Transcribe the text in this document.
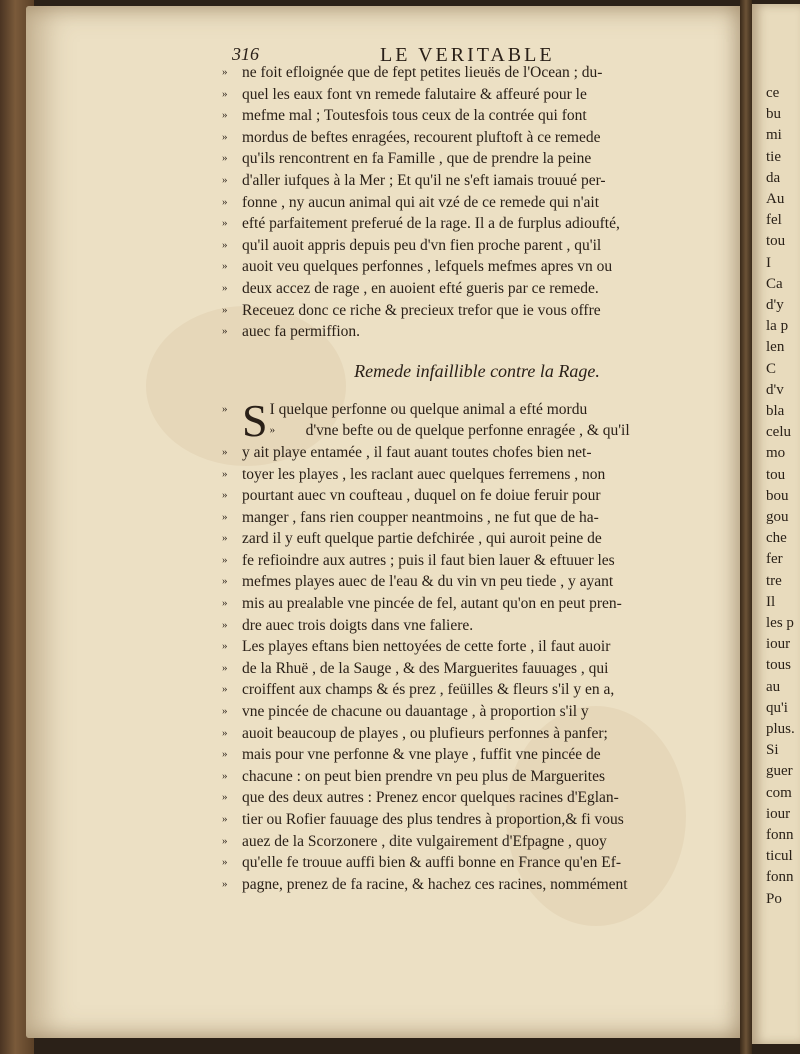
ce
bu
mi
tie
da
Au
fel
tou
I
Ca
d'y
la p
len
C
d'v
bla
celu
mo
tou
bou
gou
che
fer
tre
Il
les p
iour
tous
au
qu'i
plus.
Si
guer
com
iour
fonn
ticul
fonn
Po
316	LE VERITABLE
» ne foit efloignée que de fept petites lieuës de l'Ocean ; du-
» quel les eaux font vn remede falutaire & affeuré pour le
» mefme mal ; Toutesfois tous ceux de la contrée qui font
» mordus de beftes enragées, recourent pluftoft à ce remede
» qu'ils rencontrent en fa Famille , que de prendre la peine
» d'aller iufques à la Mer ; Et qu'il ne s'eft iamais trouué per-
» fonne , ny aucun animal qui ait vzé de ce remede qui n'ait
» efté parfaitement preferué de la rage. Il a de furplus adioufté,
» qu'il auoit appris depuis peu d'vn fien proche parent , qu'il
» auoit veu quelques perfonnes , lefquels mefmes apres vn ou
» deux accez de rage , en auoient efté gueris par ce remede.
» Receuez donc ce riche & precieux trefor que ie vous offre
» auec fa permiffion.
Remede infaillible contre la Rage.
» S I quelque perfonne ou quelque animal a efté mordu
» d'vne befte ou de quelque perfonne enragée , & qu'il
» y ait playe entamée , il faut auant toutes chofes bien net-
» toyer les playes , les raclant auec quelques ferremens , non
» pourtant auec vn coufteau , duquel on fe doiue feruir pour
» manger , fans rien coupper neantmoins , ne fut que de ha-
» zard il y euft quelque partie defchirée , qui auroit peine de
» fe refioindre aux autres ; puis il faut bien lauer & eftuuer les
» mefmes playes auec de l'eau & du vin vn peu tiede , y ayant
» mis au prealable vne pincée de fel, autant qu'on en peut pren-
» dre auec trois doigts dans vne faliere.
» Les playes eftans bien nettoyées de cette forte , il faut auoir
» de la Rhuë , de la Sauge , & des Marguerites fauuages , qui
» croiffent aux champs & és prez , feüilles & fleurs s'il y en a,
» vne pincée de chacune ou dauantage , à proportion s'il y
» auoit beaucoup de playes , ou plufieurs perfonnes à panfer;
» mais pour vne perfonne & vne playe , fuffit vne pincée de
» chacune : on peut bien prendre vn peu plus de Marguerites
» que des deux autres : Prenez encor quelques racines d'Eglan-
» tier ou Rofier fauuage des plus tendres à proportion,& fi vous
» auez de la Scorzonere , dite vulgairement d'Efpagne , quoy
» qu'elle fe trouue auffi bien & auffi bonne en France qu'en Ef-
» pagne, prenez de fa racine, & hachez ces racines, nommément
